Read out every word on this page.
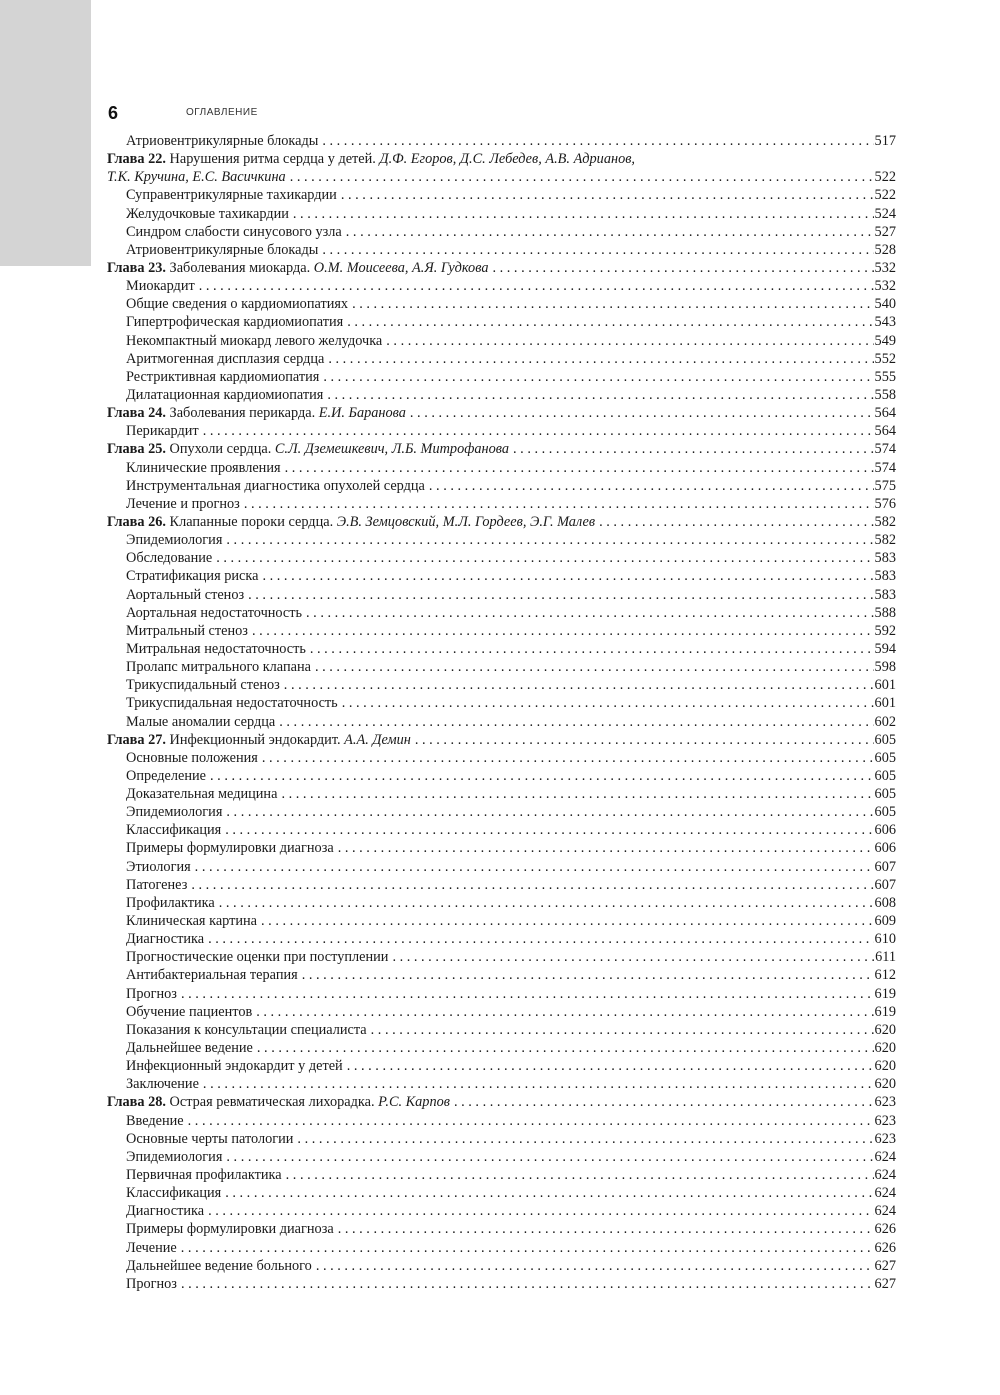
6	ОГЛАВЛЕНИЕ
Атриовентрикулярные блокады . . .	517
Глава 22. Нарушения ритма сердца у детей. Д.Ф. Егоров, Д.С. Лебедев, А.В. Адрианов,
Т.К. Кручина, Е.С. Васичкина . . .	522
Суправентрикулярные тахикардии . . .	522
Желудочковые тахикардии . . .	524
Синдром слабости синусового узла . . .	527
Атриовентрикулярные блокады . . .	528
Глава 23. Заболевания миокарда. О.М. Моисеева, А.Я. Гудкова . . .	532
Миокардит . . .	532
Общие сведения о кардиомиопатиях . . .	540
Гипертрофическая кардиомиопатия . . .	543
Некомпактный миокард левого желудочка . . .	549
Аритмогенная дисплазия сердца . . .	552
Рестриктивная кардиомиопатия . . .	555
Дилатационная кардиомиопатия . . .	558
Глава 24. Заболевания перикарда. Е.И. Баранова . . .	564
Перикардит . . .	564
Глава 25. Опухоли сердца. С.Л. Дземешкевич, Л.Б. Митрофанова . . .	574
Клинические проявления . . .	574
Инструментальная диагностика опухолей сердца . . .	575
Лечение и прогноз . . .	576
Глава 26. Клапанные пороки сердца. Э.В. Земцовский, М.Л. Гордеев, Э.Г. Малев . . .	582
Эпидемиология . . .	582
Обследование . . .	583
Стратификация риска . . .	583
Аортальный стеноз . . .	583
Аортальная недостаточность . . .	588
Митральный стеноз . . .	592
Митральная недостаточность . . .	594
Пролапс митрального клапана . . .	598
Трикуспидальный стеноз . . .	601
Трикуспидальная недостаточность . . .	601
Малые аномалии сердца . . .	602
Глава 27. Инфекционный эндокардит. А.А. Демин . . .	605
Основные положения . . .	605
Определение . . .	605
Доказательная медицина . . .	605
Эпидемиология . . .	605
Классификация . . .	606
Примеры формулировки диагноза . . .	606
Этиология . . .	607
Патогенез . . .	607
Профилактика . . .	608
Клиническая картина . . .	609
Диагностика . . .	610
Прогностические оценки при поступлении . . .	611
Антибактериальная терапия . . .	612
Прогноз . . .	619
Обучение пациентов . . .	619
Показания к консультации специалиста . . .	620
Дальнейшее ведение . . .	620
Инфекционный эндокардит у детей . . .	620
Заключение . . .	620
Глава 28. Острая ревматическая лихорадка. Р.С. Карпов . . .	623
Введение . . .	623
Основные черты патологии . . .	623
Эпидемиология . . .	624
Первичная профилактика . . .	624
Классификация . . .	624
Диагностика . . .	624
Примеры формулировки диагноза . . .	626
Лечение . . .	626
Дальнейшее ведение больного . . .	627
Прогноз . . .	627
